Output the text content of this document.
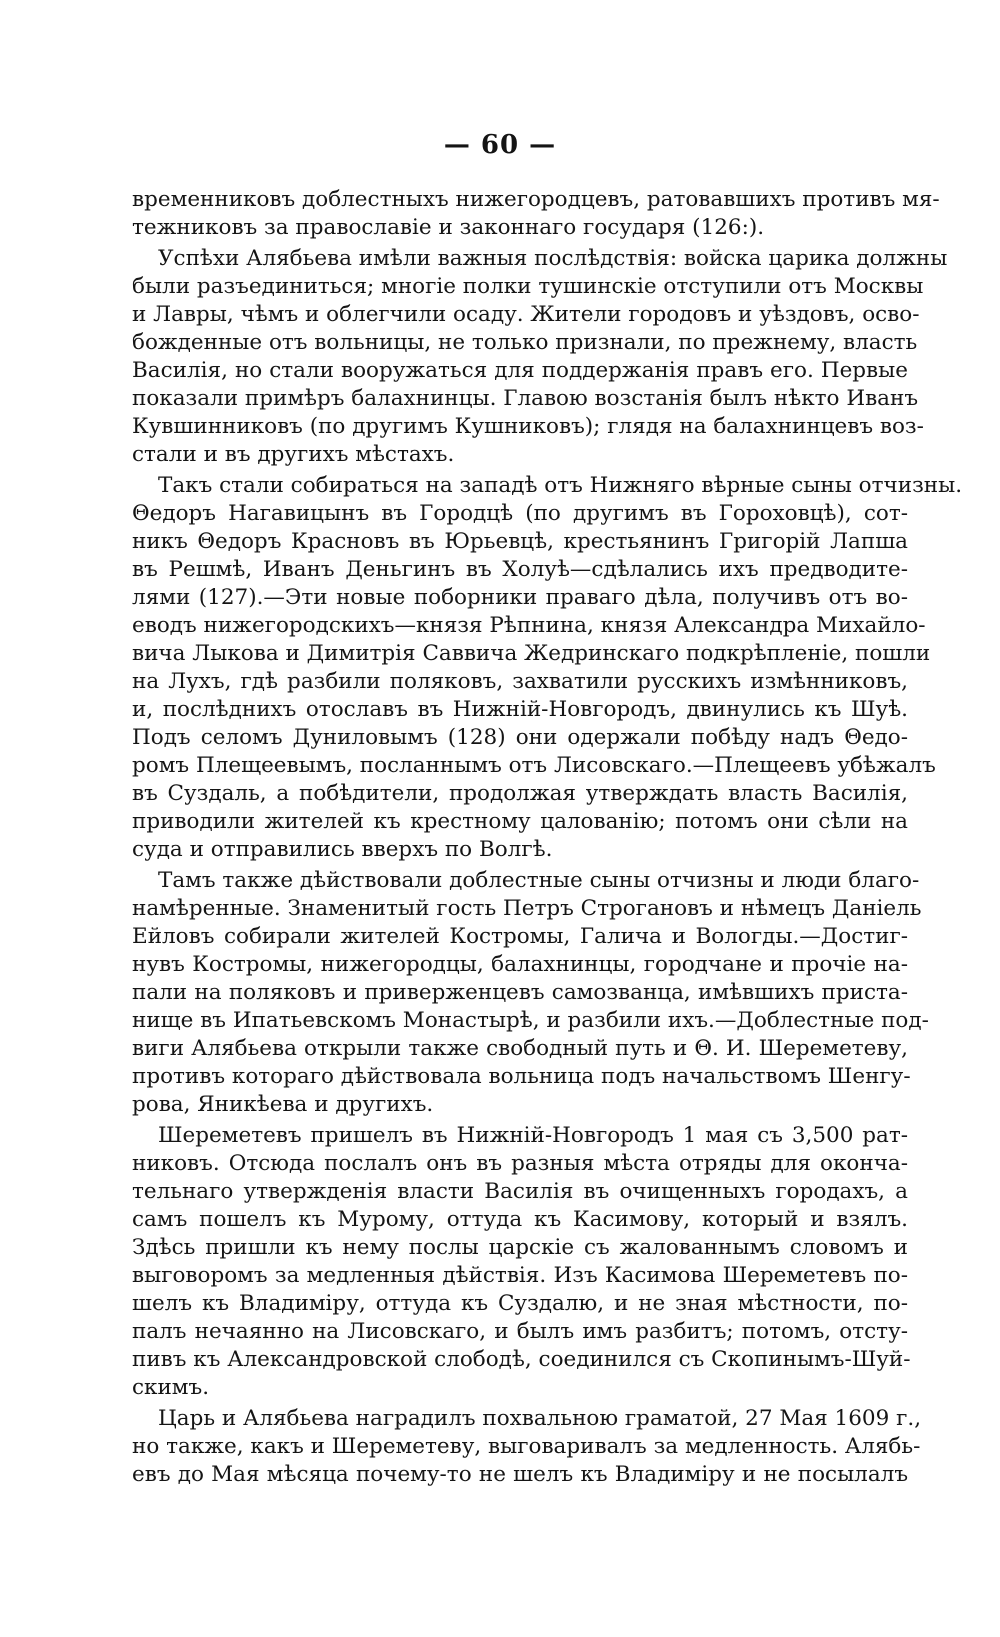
— 60 —
временниковъ доблестныхъ нижегородцевъ, ратовавшихъ противъ мя-
тежниковъ за православіе и законнаго государя (126:).
Успѣхи Алябьева имѣли важныя послѣдствія: войска царика должны
были разъединиться; многіе полки тушинскіе отступили отъ Москвы
и Лавры, чѣмъ и облегчили осаду. Жители городовъ и уѣздовъ, осво-
божденные отъ вольницы, не только признали, по прежнему, власть
Василія, но стали вооружаться для поддержанія правъ его. Первые
показали примѣръ балахнинцы. Главою возстанія былъ нѣкто Иванъ
Кувшинниковъ (по другимъ Кушниковъ); глядя на балахнинцевъ воз-
стали и въ другихъ мѣстахъ.
Такъ стали собираться на западѣ отъ Нижняго вѣрные сыны отчизны.
Θедоръ Нагавицынъ въ Городцѣ (по другимъ въ Гороховцѣ), сот-
никъ Θедоръ Красновъ въ Юрьевцѣ, крестьянинъ Григорій Лапша
въ Решмѣ, Иванъ Деньгинъ въ Холуѣ—сдѣлались ихъ предводите-
лями (127).—Эти новые поборники праваго дѣла, получивъ отъ во-
еводъ нижегородскихъ—князя Рѣпнина, князя Александра Михайло-
вича Лыкова и Димитрія Саввича Жедринскаго подкрѣпленіе, пошли
на Лухъ, гдѣ разбили поляковъ, захватили русскихъ измѣнниковъ,
и, послѣднихъ отославъ въ Нижній-Новгородъ, двинулись къ Шуѣ.
Подъ селомъ Дуниловымъ (128) они одержали побѣду надъ Θедо-
ромъ Плещеевымъ, посланнымъ отъ Лисовскаго.—Плещеевъ убѣжалъ
въ Суздаль, а побѣдители, продолжая утверждать власть Василія,
приводили жителей къ крестному цалованію; потомъ они сѣли на
суда и отправились вверхъ по Волгѣ.
Тамъ также дѣйствовали доблестные сыны отчизны и люди благо-
намѣренные. Знаменитый гость Петръ Строгановъ и нѣмецъ Даніель
Ейловъ собирали жителей Костромы, Галича и Вологды.—Достиг-
нувъ Костромы, нижегородцы, балахнинцы, городчане и прочіе на-
пали на поляковъ и приверженцевъ самозванца, имѣвшихъ приста-
нище въ Ипатьевскомъ Монастырѣ, и разбили ихъ.—Доблестные под-
виги Алябьева открыли также свободный путь и Θ. И. Шереметеву,
противъ котораго дѣйствовала вольница подъ начальствомъ Шенгу-
рова, Яникѣева и другихъ.
Шереметевъ пришелъ въ Нижній-Новгородъ 1 мая съ 3,500 рат-
никовъ. Отсюда послалъ онъ въ разныя мѣста отряды для оконча-
тельнаго утвержденія власти Василія въ очищенныхъ городахъ, а
самъ пошелъ къ Мурому, оттуда къ Касимову, который и взялъ.
Здѣсь пришли къ нему послы царскіе съ жалованнымъ словомъ и
выговоромъ за медленныя дѣйствія. Изъ Касимова Шереметевъ по-
шелъ къ Владиміру, оттуда къ Суздалю, и не зная мѣстности, по-
палъ нечаянно на Лисовскаго, и былъ имъ разбитъ; потомъ, отсту-
пивъ къ Александровской слободѣ, соединился съ Скопинымъ-Шуй-
скимъ.
Царь и Алябьева наградилъ похвальною граматой, 27 Мая 1609 г.,
но также, какъ и Шереметеву, выговаривалъ за медленность. Алябь-
евъ до Мая мѣсяца почему-то не шелъ къ Владиміру и не посылалъ
